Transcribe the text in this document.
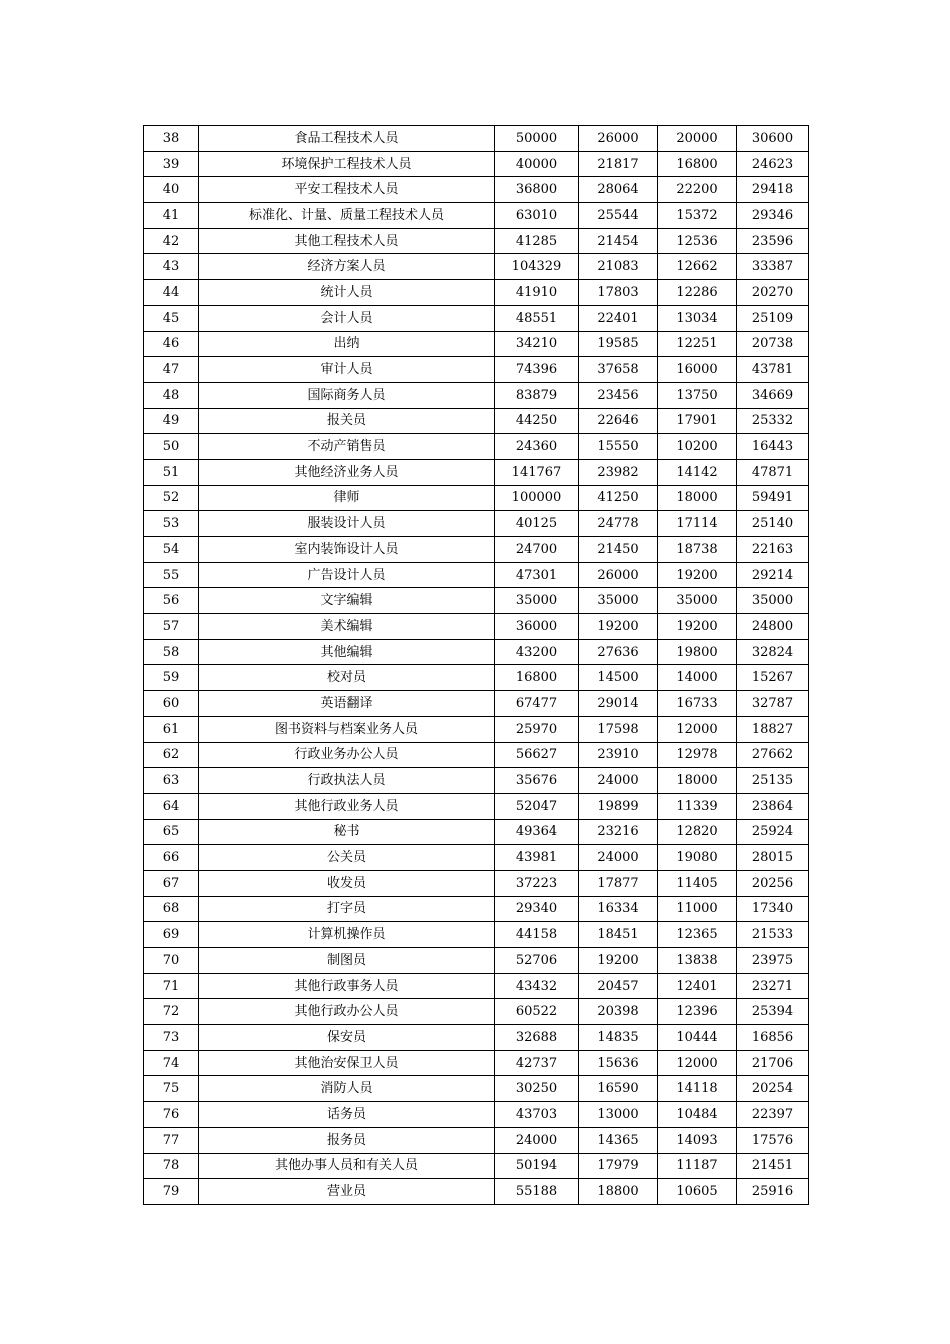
38	食品工程技术人员	50000	26000	20000	30600
39	环境保护工程技术人员	40000	21817	16800	24623
40	平安工程技术人员	36800	28064	22200	29418
41	标准化、计量、质量工程技术人员	63010	25544	15372	29346
42	其他工程技术人员	41285	21454	12536	23596
43	经济方案人员	104329	21083	12662	33387
44	统计人员	41910	17803	12286	20270
45	会计人员	48551	22401	13034	25109
46	出纳	34210	19585	12251	20738
47	审计人员	74396	37658	16000	43781
48	国际商务人员	83879	23456	13750	34669
49	报关员	44250	22646	17901	25332
50	不动产销售员	24360	15550	10200	16443
51	其他经济业务人员	141767	23982	14142	47871
52	律师	100000	41250	18000	59491
53	服装设计人员	40125	24778	17114	25140
54	室内装饰设计人员	24700	21450	18738	22163
55	广告设计人员	47301	26000	19200	29214
56	文字编辑	35000	35000	35000	35000
57	美术编辑	36000	19200	19200	24800
58	其他编辑	43200	27636	19800	32824
59	校对员	16800	14500	14000	15267
60	英语翻译	67477	29014	16733	32787
61	图书资料与档案业务人员	25970	17598	12000	18827
62	行政业务办公人员	56627	23910	12978	27662
63	行政执法人员	35676	24000	18000	25135
64	其他行政业务人员	52047	19899	11339	23864
65	秘书	49364	23216	12820	25924
66	公关员	43981	24000	19080	28015
67	收发员	37223	17877	11405	20256
68	打字员	29340	16334	11000	17340
69	计算机操作员	44158	18451	12365	21533
70	制图员	52706	19200	13838	23975
71	其他行政事务人员	43432	20457	12401	23271
72	其他行政办公人员	60522	20398	12396	25394
73	保安员	32688	14835	10444	16856
74	其他治安保卫人员	42737	15636	12000	21706
75	消防人员	30250	16590	14118	20254
76	话务员	43703	13000	10484	22397
77	报务员	24000	14365	14093	17576
78	其他办事人员和有关人员	50194	17979	11187	21451
79	营业员	55188	18800	10605	25916
